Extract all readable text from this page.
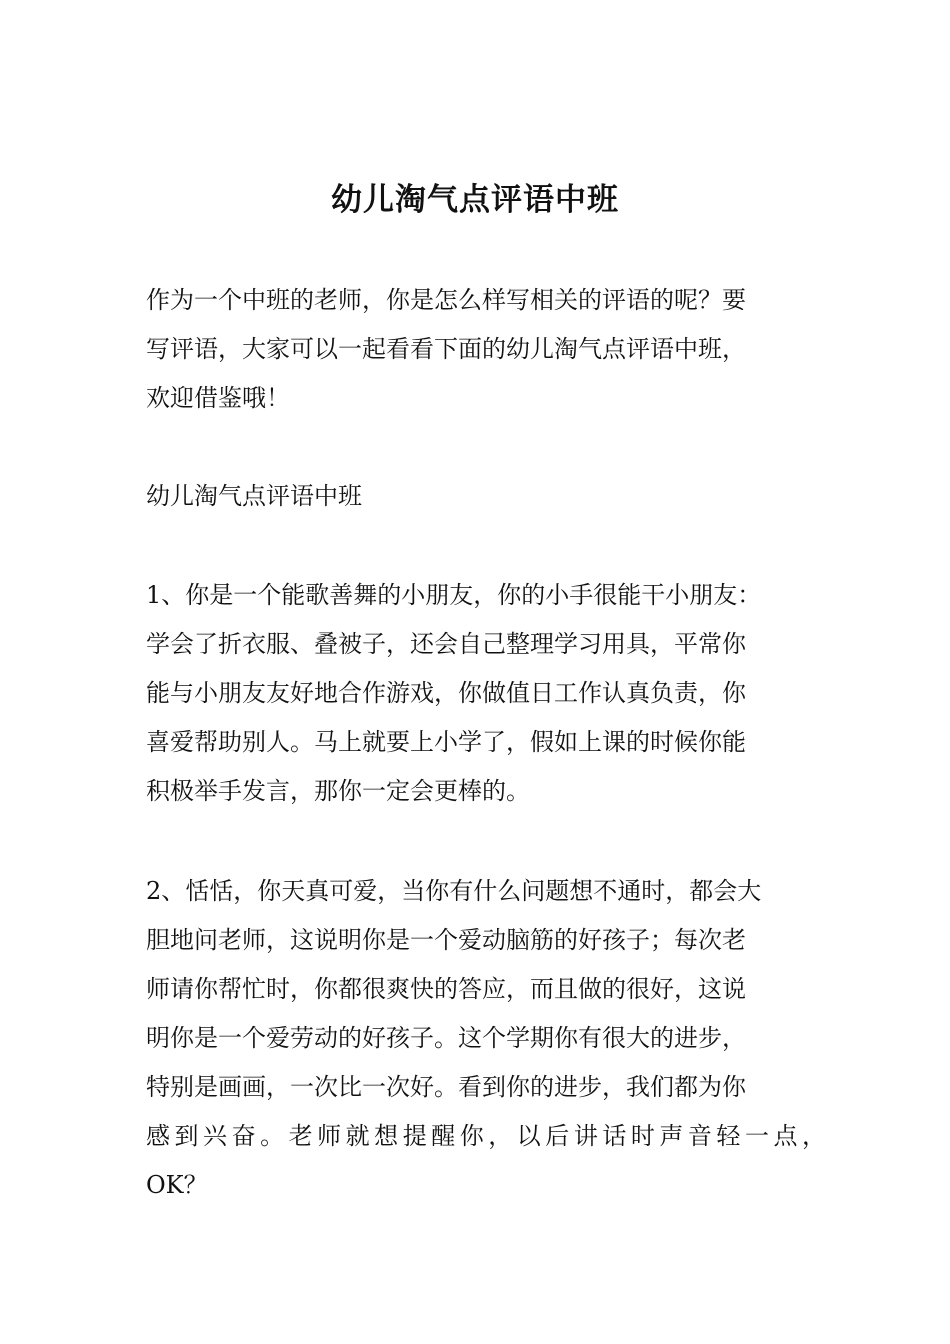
幼儿淘气点评语中班

作为一个中班的老师，你是怎么样写相关的评语的呢？要
写评语，大家可以一起看看下面的幼儿淘气点评语中班，
欢迎借鉴哦！

幼儿淘气点评语中班

1、你是一个能歌善舞的小朋友，你的小手很能干小朋友：
学会了折衣服、叠被子，还会自己整理学习用具，平常你
能与小朋友友好地合作游戏，你做值日工作认真负责，你
喜爱帮助别人。马上就要上小学了，假如上课的时候你能
积极举手发言，那你一定会更棒的。

2、恬恬，你天真可爱，当你有什么问题想不通时，都会大
胆地问老师，这说明你是一个爱动脑筋的好孩子；每次老
师请你帮忙时，你都很爽快的答应，而且做的很好，这说
明你是一个爱劳动的好孩子。这个学期你有很大的进步，
特别是画画，一次比一次好。看到你的进步，我们都为你
感到兴奋。老师就想提醒你，以后讲话时声音轻一点，
OK？
